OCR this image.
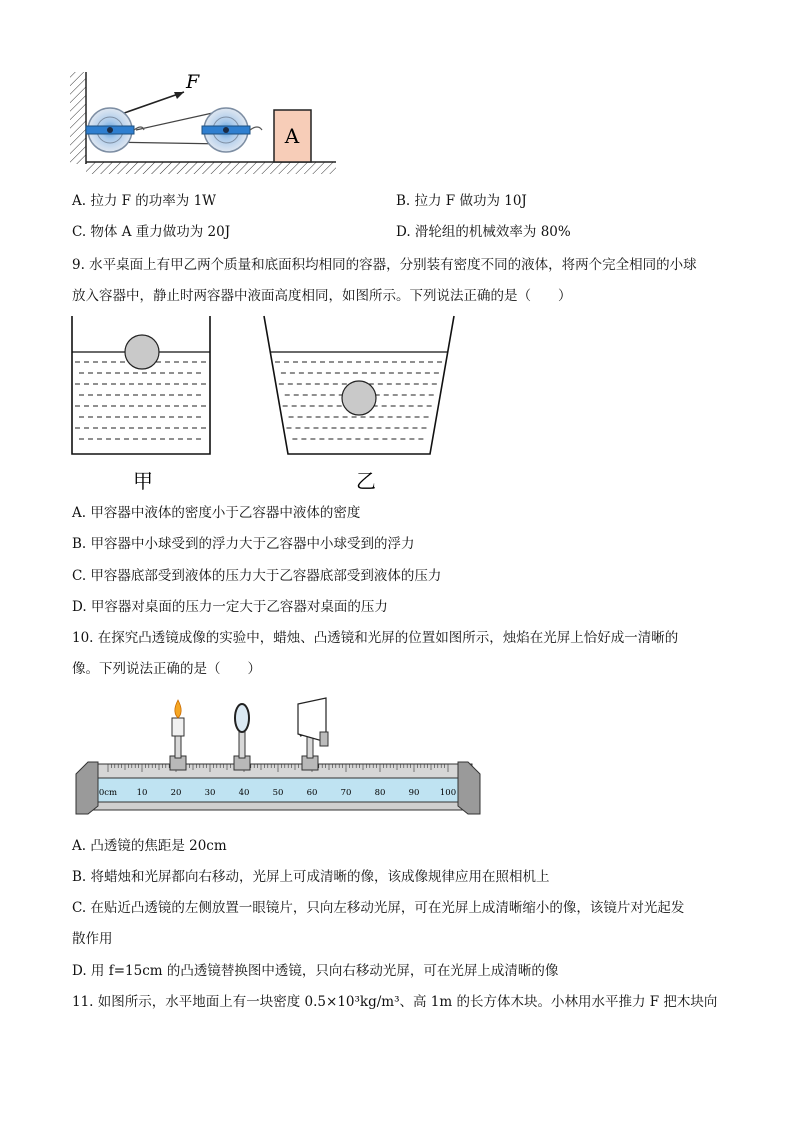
A
F
A. 拉力 F 的功率为 1W	B. 拉力 F 做功为 10J
C. 物体 A 重力做功为 20J	D. 滑轮组的机械效率为 80%
9. 水平桌面上有甲乙两个质量和底面积均相同的容器，分别装有密度不同的液体，将两个完全相同的小球
放入容器中，静止时两容器中液面高度相同，如图所示。下列说法正确的是（　　）
甲	乙
A. 甲容器中液体的密度小于乙容器中液体的密度
B. 甲容器中小球受到的浮力大于乙容器中小球受到的浮力
C. 甲容器底部受到液体的压力大于乙容器底部受到液体的压力
D. 甲容器对桌面的压力一定大于乙容器对桌面的压力
10. 在探究凸透镜成像的实验中，蜡烛、凸透镜和光屏的位置如图所示，烛焰在光屏上恰好成一清晰的
像。下列说法正确的是（　　）
0cm 10	20	30	40	50	60	70	80	90 100
A. 凸透镜的焦距是 20cm
B. 将蜡烛和光屏都向右移动，光屏上可成清晰的像，该成像规律应用在照相机上
C. 在贴近凸透镜的左侧放置一眼镜片，只向左移动光屏，可在光屏上成清晰缩小的像，该镜片对光起发
散作用
D. 用 f=15cm 的凸透镜替换图中透镜，只向右移动光屏，可在光屏上成清晰的像
11. 如图所示，水平地面上有一块密度 0.5×10³kg/m³、高 1m 的长方体木块。小林用水平推力 F 把木块向
